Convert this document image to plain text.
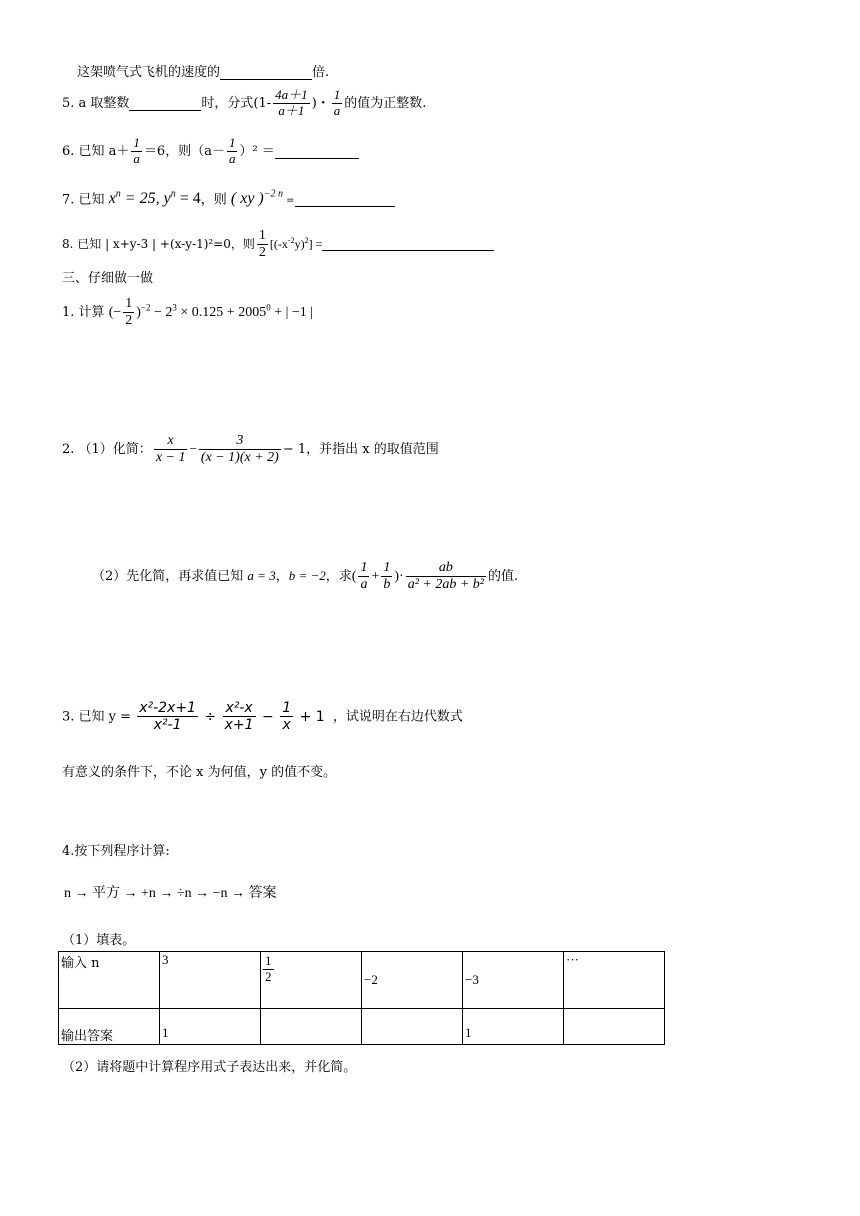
这架喷气式飞机的速度的	倍.
5. a 取整数	时，分式($1- \frac{4a+1}{a+1}$ )・ $\frac{1}{a}$ 的值为正整数.
6. 已知 $a+ \frac{1}{a} =6$，则$(a- \frac{1}{a} )^2$ ＝
7. 已知 $x^n = 25$, $y^n = 4$，则 ( xy )$^{-2 n}$ =
8. 已知 | x+y-3 | +(x-y-1)²=0，则 $\frac{1}{2} [(-x^{-2}y)^2]$ =
三、仔细做一做
1. 计算 (− $\frac{1}{2} )^{-2} - 2^3 \times 0.125 + 2005^0$ + | −1 |
2. （1）化简： $\frac{x}{x - 1} - \frac{3}{(x - 1)(x + 2)} - 1$，并指出 x 的取值范围
（2）先化简，再求值已知 a = 3，b = −2，求( $\frac{1}{a} + \frac{1}{b}$ )· $\frac{ab}{\text{a² + 2ab + b²}}$ 的值.
3. 已知 $y = \frac{\text{x²-2x+1}}{\text{x²-1}} \div \frac{\text{x²-x}}{x+1} - \frac{1}{x} + 1$ ，试说明在右边代数式
有意义的条件下，不论 x 为何值，y 的值不变。
4.按下列程序计算:
n → 平方 → +n → ÷n → −n → 答案
（1）填表。
输入 n	3	$\frac{1}{2}$	−2	−3	···
输出答案	1			1	
（2）请将题中计算程序用式子表达出来，并化简。
